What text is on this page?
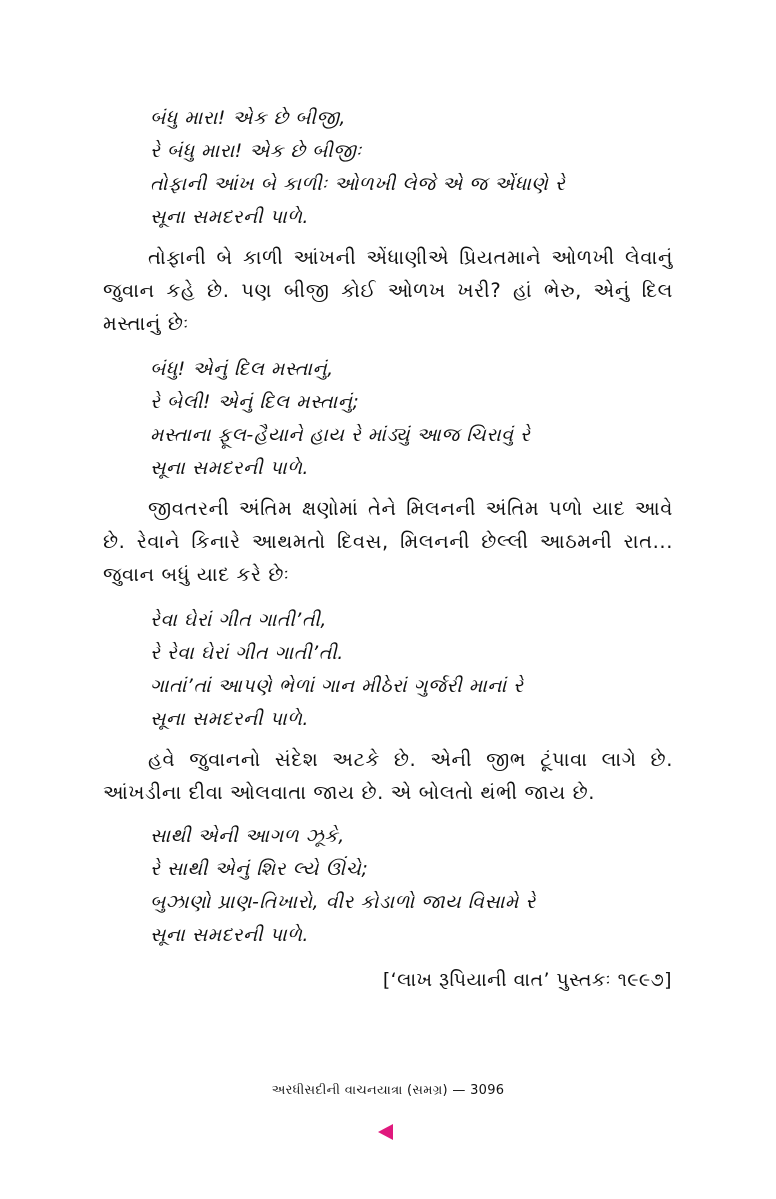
બંધુ મારા! એક છે બીજી,
રે બંધુ મારા! એક છે બીજીઃ
તોફાની આંખ બે કાળીઃ ઓળખી લેજે એ જ એંધાણે રે
સૂના સમદરની પાળે.

તોફાની બે કાળી આંખની એંધાણીએ પ્રિયતમાને ઓળખી લેવાનું જુવાન કહે છે. પણ બીજી કોઈ ઓળખ ખરી? હાં ભેરુ, એનું દિલ મસ્તાનું છેઃ

બંધુ! એનું દિલ મસ્તાનું,
રે બેલી! એનું દિલ મસ્તાનું;
મસ્તાના ફૂલ-હૈયાને હાય રે માંડ્યું આજ ચિરાવું રે
સૂના સમદરની પાળે.

જીવતરની અંતિમ ક્ષણોમાં તેને મિલનની અંતિમ પળો યાદ આવે છે. રેવાને કિનારે આથમતો દિવસ, મિલનની છેલ્લી આઠમની રાત... જુવાન બધું યાદ કરે છેઃ

રેવા ઘેરાં ગીત ગાતી’તી,
રે રેવા ઘેરાં ગીત ગાતી’તી.
ગાતાં’તાં આપણે ભેળાં ગાન મીઠેરાં ગુર્જરી માનાં રે
સૂના સમદરની પાળે.

હવે જુવાનનો સંદેશ અટકે છે. એની જીભ ટૂંપાવા લાગે છે. આંખડીના દીવા ઓલવાતા જાય છે. એ બોલતો થંભી જાય છે.

સાથી એની આગળ ઝૂકે,
રે સાથી એનું શિર લ્યે ઊંચે;
બુઝાણો પ્રાણ-તિખારો, વીર કોડાળો જાય વિસામે રે
સૂના સમદરની પાળે.
[‘લાખ રૂપિયાની વાત’ પુસ્તકઃ ૧૯૯૭]
અરધીસદીની વાચનયાત્રા (સમગ્ર) — 3096
